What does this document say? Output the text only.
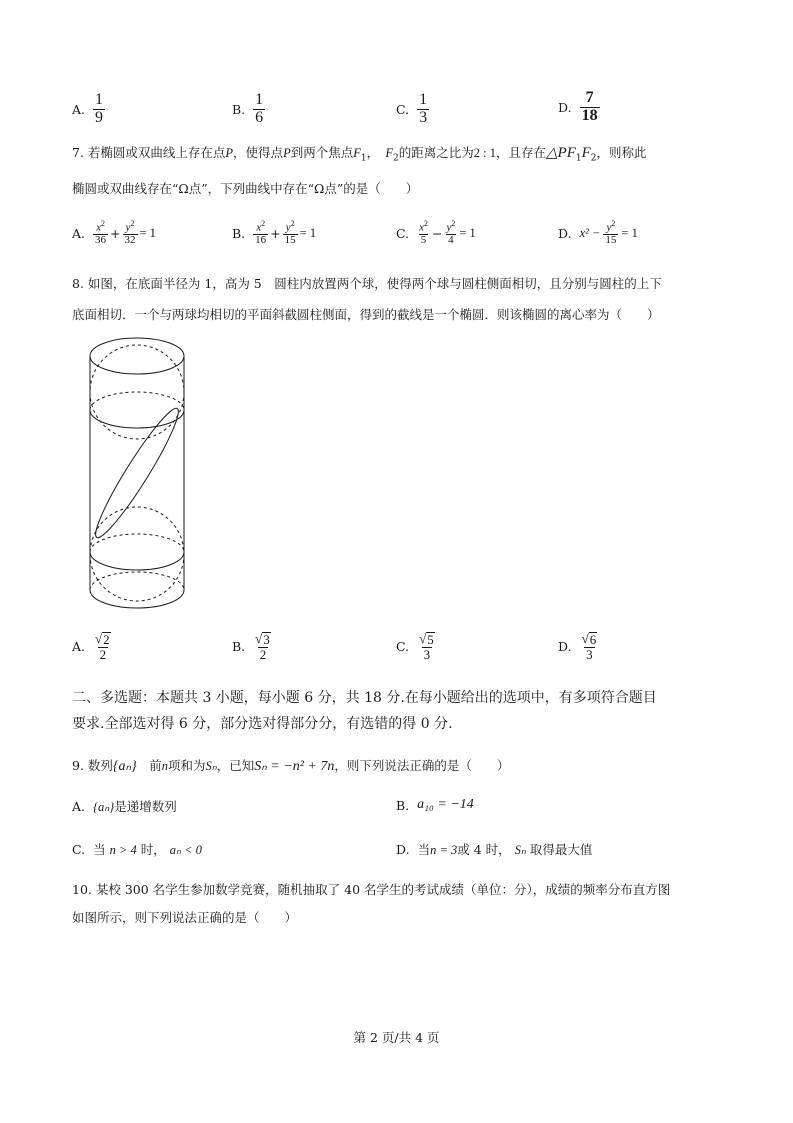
A. $\frac{1}{9}$	B. $\frac{1}{6}$	C. $\frac{1}{3}$	D. $\frac{7}{18}$
7. 若椭圆或双曲线上存在点P，使得点P到两个焦点$F_1$，　 $F_2$的距离之比为2 : 1，且存在$\triangle PF_1F_2$，则称此
椭圆或双曲线存在“Ω点”，下列曲线中存在“Ω点”的是（　　）
A. $\frac{x^2}{36} + \frac{y^2}{32} = 1$	B. $\frac{x^2}{16} + \frac{y^2}{15} = 1$	C. $\frac{x^2}{5} - \frac{y^2}{4} = 1$	D. $x^2 - \frac{y^2}{15} = 1$
8. 如图，在底面半径为 1，高为 5　圆柱内放置两个球，使得两个球与圆柱侧面相切，且分别与圆柱的上下
底面相切．一个与两球均相切的平面斜截圆柱侧面，得到的截线是一个椭圆．则该椭圆的离心率为（　　）
A. $\frac{√ 2}{2}$	B. $\frac{√ 3}{2}$	C. $\frac{√ 5}{3}$	D. $\frac{√ 6}{3}$
二、多选题：本题共 3 小题，每小题 6 分，共 18 分.在每小题给出的选项中，有多项符合题目
要求.全部选对得 6 分，部分选对得部分分，有选错的得 0 分.
9. 数列{aₙ}　前n项和为Sₙ，已知Sₙ = −n² + 7n，则下列说法正确的是（　　）
A. {aₙ}是递增数列	B. a₁₀ = −14
C. 当 n > 4 时， aₙ < 0	D. 当n = 3或 4 时， Sₙ 取得最大值
10. 某校 300 名学生参加数学竞赛，随机抽取了 40 名学生的考试成绩（单位：分），成绩的频率分布直方图
如图所示，则下列说法正确的是（　　）
第 2 页/共 4 页
